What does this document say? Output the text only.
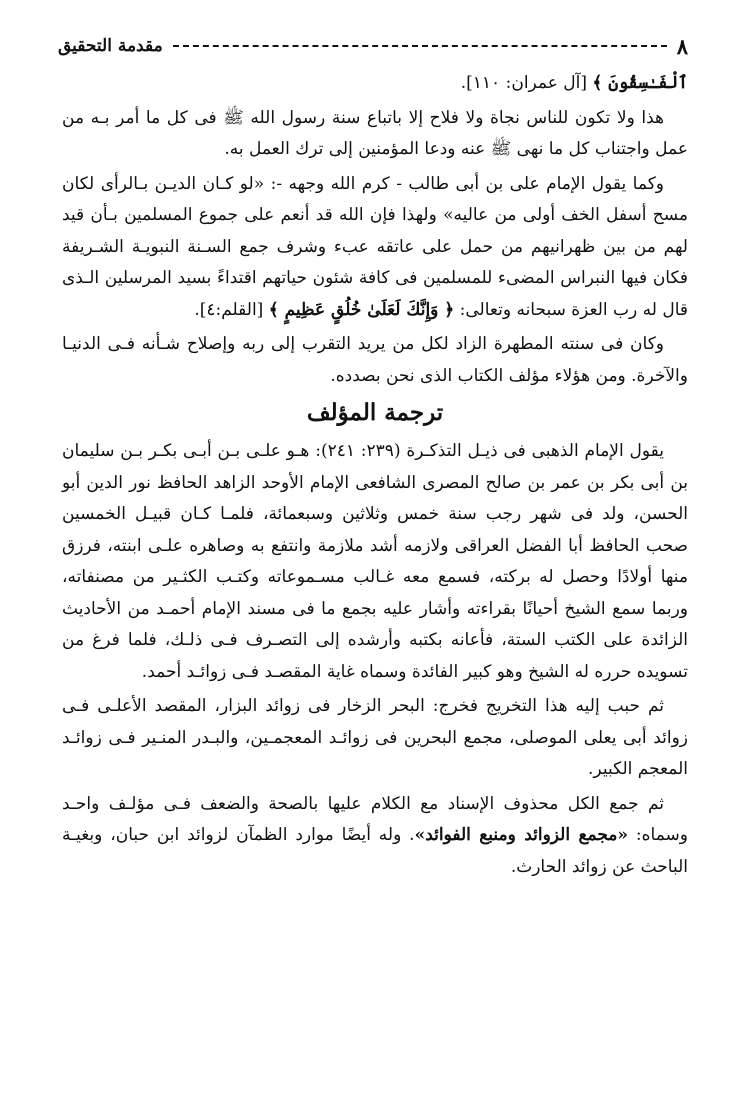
٨
مقدمة التحقيق

ٱلْفَـٰسِقُونَ ﴾ [آل عمران: ١١٠].

هذا ولا تكون للناس نجاة ولا فلاح إلا باتباع سنة رسول الله ﷺ فى كل ما أمر بـه من عمل واجتناب كل ما نهى ﷺ عنه ودعا المؤمنين إلى ترك العمل به.

وكما يقول الإمام على بن أبى طالب - كرم الله وجهه -: «لو كـان الديـن بـالرأى لكان مسح أسفل الخف أولى من عاليه» ولهذا فإن الله قد أنعم على جموع المسلمين بـأن قيد لهم من بين ظهرانيهم من حمل على عاتقه عبء وشرف جمع السـنة النبويـة الشـريفة فكان فيها النبراس المضىء للمسلمين فى كافة شئون حياتهم اقتداءً بسيد المرسلين الـذى قال له رب العزة سبحانه وتعالى: ﴿ وَإِنَّكَ لَعَلَىٰ خُلُقٍ عَظِيمٍ ﴾ [القلم:٤].

وكان فى سنته المطهرة الزاد لكل من يريد التقرب إلى ربه وإصلاح شـأنه فـى الدنيـا والآخرة. ومن هؤلاء مؤلف الكتاب الذى نحن بصدده.

ترجمة المؤلف

يقول الإمام الذهبى فى ذيـل التذكـرة (٢٣٩: ٢٤١): هـو علـى بـن أبـى بكـر بـن سليمان بن أبى بكر بن عمر بن صالح المصرى الشافعى الإمام الأوحد الزاهد الحافظ نور الدين أبو الحسن، ولد فى شهر رجب سنة خمس وثلاثين وسبعمائة، فلمـا كـان قبيـل الخمسين صحب الحافظ أبا الفضل العراقى ولازمه أشد ملازمة وانتفع به وصاهره علـى ابنته، فرزق منها أولادًا وحصل له بركته، فسمع معه غـالب مسـموعاته وكتـب الكثـير من مصنفاته، وربما سمع الشيخ أحيانًا بقراءته وأشار عليه بجمع ما فى مسند الإمام أحمـد من الأحاديث الزائدة على الكتب الستة، فأعانه بكتبه وأرشده إلى التصـرف فـى ذلـك، فلما فرغ من تسويده حرره له الشيخ وهو كبير الفائدة وسماه غاية المقصـد فـى زوائـد أحمد.

ثم حبب إليه هذا التخريج فخرج: البحر الزخار فى زوائد البزار، المقصد الأعلـى فـى زوائد أبى يعلى الموصلى، مجمع البحرين فى زوائـد المعجمـين، والبـدر المنـير فـى زوائـد المعجم الكبير.

ثم جمع الكل محذوف الإسناد مع الكلام عليها بالصحة والضعف فـى مؤلـف واحـد وسماه: «مجمع الزوائد ومنبع الفوائد». وله أيضًا موارد الظمآن لزوائد ابن حبان، وبغيـة الباحث عن زوائد الحارث.
